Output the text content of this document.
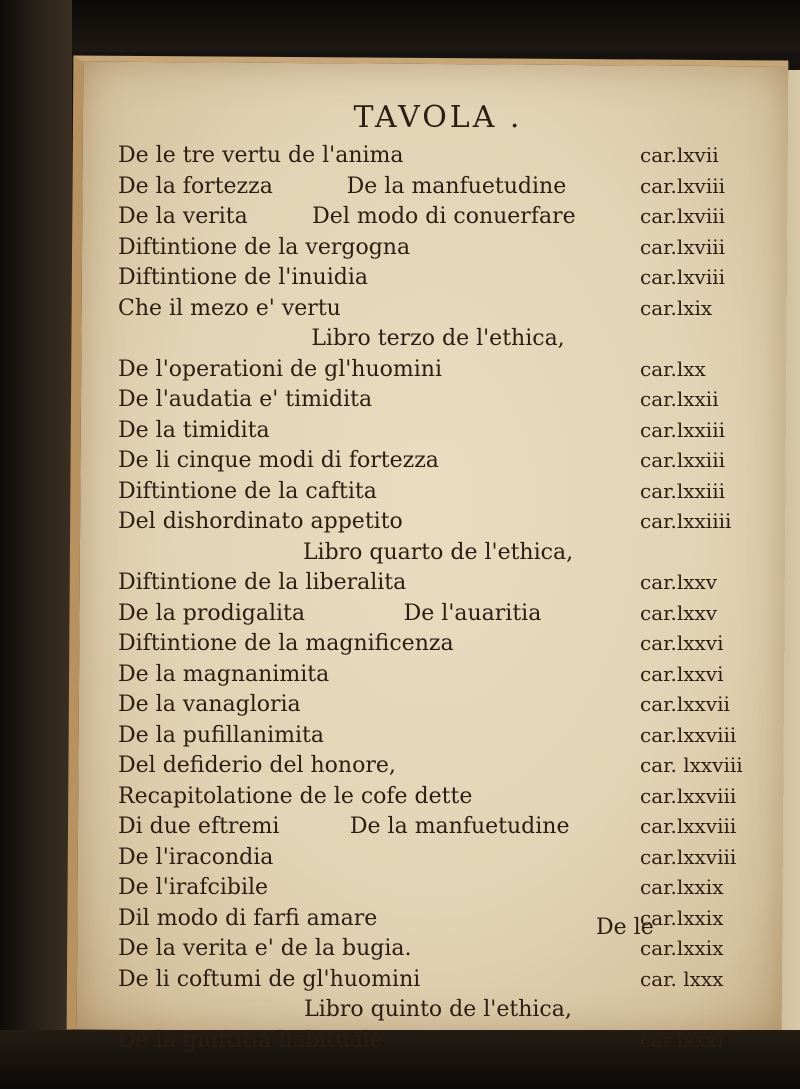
TAVOLA .
De le tre vertu de l'anima	car.lxvii
De la fortezza	De la manfuetudine	car.lxviii
De la verita	Del modo di conuerfare	car.lxviii
Diftintione de la vergogna	car.lxviii
Diftintione de l'inuidia	car.lxviii
Che il mezo e' vertu	car.lxix
Libro terzo de l'ethica,
De l'operationi de gl'huomini	car.lxx
De l'audatia e' timidita	car.lxxii
De la timidita	car.lxxiii
De li cinque modi di fortezza	car.lxxiii
Diftintione de la caftita	car.lxxiii
Del dishordinato appetito	car.lxxiiii
Libro quarto de l'ethica,
Diftintione de la liberalita	car.lxxv
De la prodigalita	De l'auaritia	car.lxxv
Diftintione de la magnificenza	car.lxxvi
De la magnanimita	car.lxxvi
De la vanagloria	car.lxxvii
De la pufillanimita	car.lxxviii
Del defiderio del honore,	car. lxxviii
Recapitolatione de le cofe dette	car.lxxviii
Di due eftremi	De la manfuetudine	car.lxxviii
De l'iracondia	car.lxxviii
De l'irafcibile	car.lxxix
Dil modo di farfi amare	car.lxxix
De la verita e' de la bugia.	car.lxxix
De li coftumi de gl'huomini	car. lxxx
Libro quinto de l'ethica,
De la giuftitia habituale	car.lxxxi
De le
